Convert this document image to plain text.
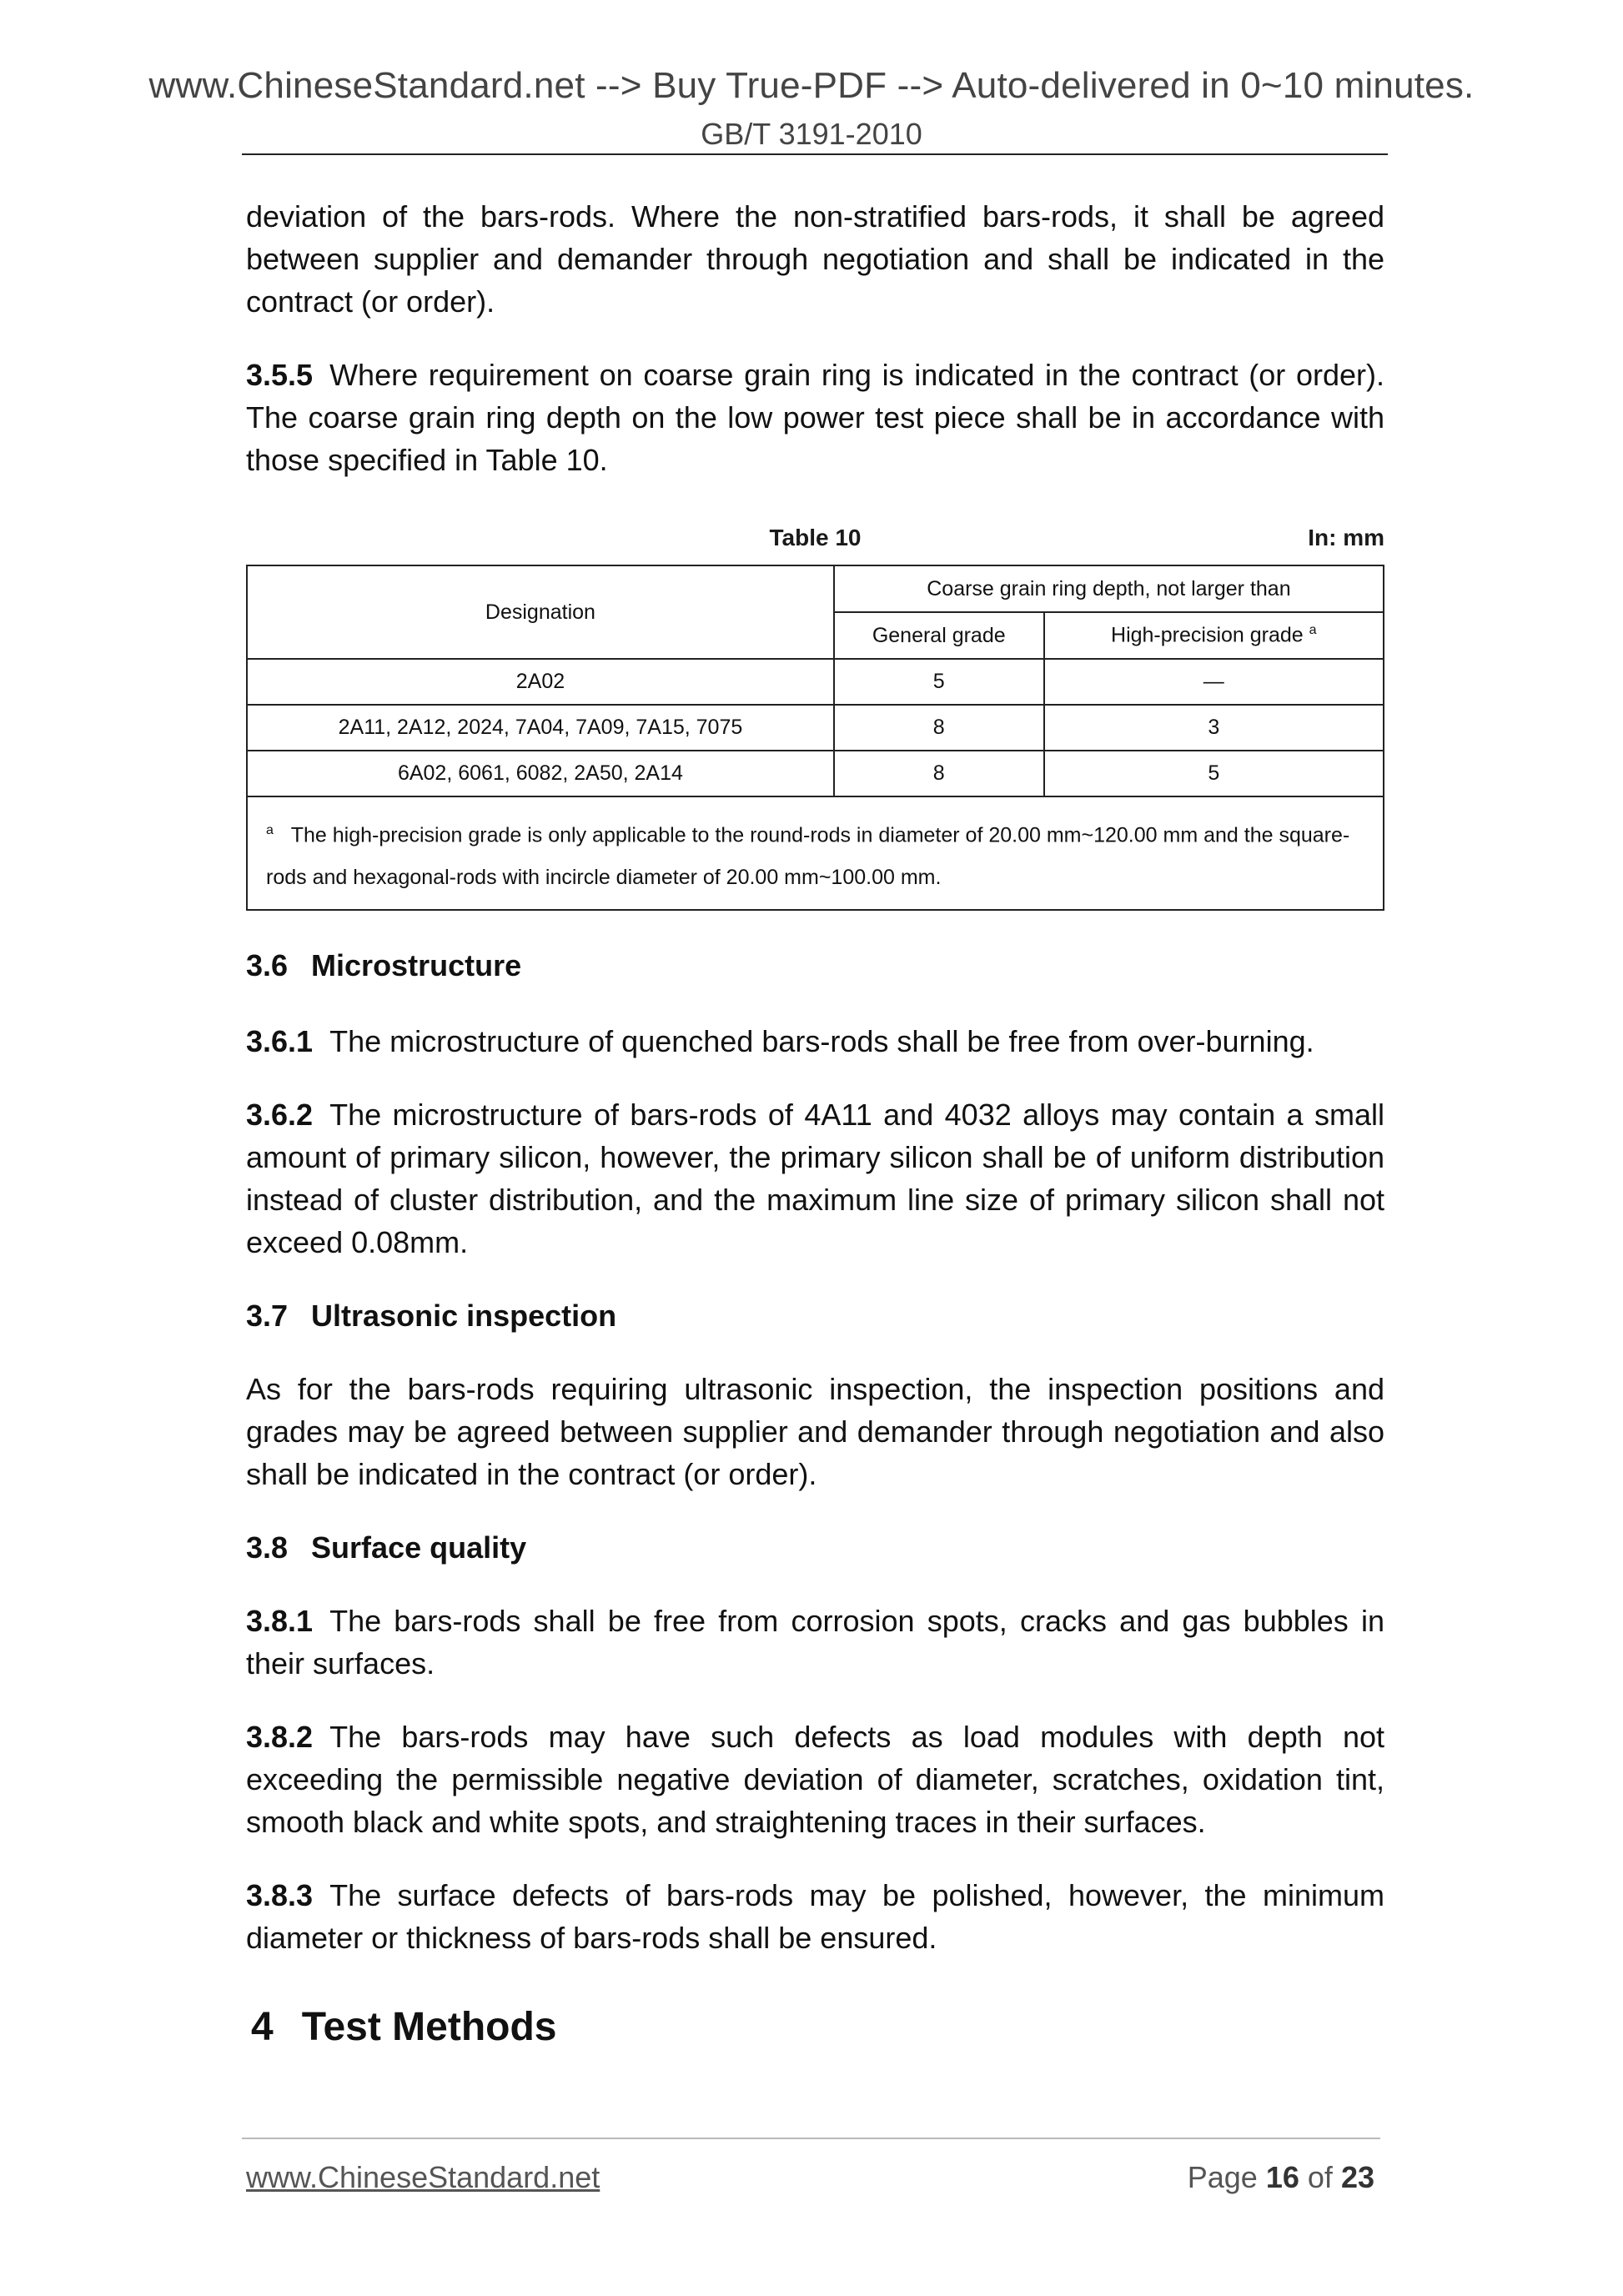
www.ChineseStandard.net --> Buy True-PDF --> Auto-delivered in 0~10 minutes.
GB/T 3191-2010

deviation of the bars-rods. Where the non-stratified bars-rods, it shall be agreed between supplier and demander through negotiation and shall be indicated in the contract (or order).

3.5.5 Where requirement on coarse grain ring is indicated in the contract (or order). The coarse grain ring depth on the low power test piece shall be in accordance with those specified in Table 10.

Table 10	In: mm
Designation	Coarse grain ring depth, not larger than	
	General grade	High-precision grade $^a$
2A02	5	—
2A11, 2A12, 2024, 7A04, 7A09, 7A15, 7075	8	3
6A02, 6061, 6082, 2A50, 2A14	8	5
$^a$ The high-precision grade is only applicable to the round-rods in diameter of 20.00 mm~120.00 mm and the square-rods and hexagonal-rods with incircle diameter of 20.00 mm~100.00 mm.		

3.6 Microstructure

3.6.1 The microstructure of quenched bars-rods shall be free from over-burning.

3.6.2 The microstructure of bars-rods of 4A11 and 4032 alloys may contain a small amount of primary silicon, however, the primary silicon shall be of uniform distribution instead of cluster distribution, and the maximum line size of primary silicon shall not exceed 0.08mm.

3.7 Ultrasonic inspection

As for the bars-rods requiring ultrasonic inspection, the inspection positions and grades may be agreed between supplier and demander through negotiation and also shall be indicated in the contract (or order).

3.8 Surface quality

3.8.1 The bars-rods shall be free from corrosion spots, cracks and gas bubbles in their surfaces.

3.8.2 The bars-rods may have such defects as load modules with depth not exceeding the permissible negative deviation of diameter, scratches, oxidation tint, smooth black and white spots, and straightening traces in their surfaces.

3.8.3 The surface defects of bars-rods may be polished, however, the minimum diameter or thickness of bars-rods shall be ensured.

4 Test Methods

www.ChineseStandard.net	Page 16 of 23
